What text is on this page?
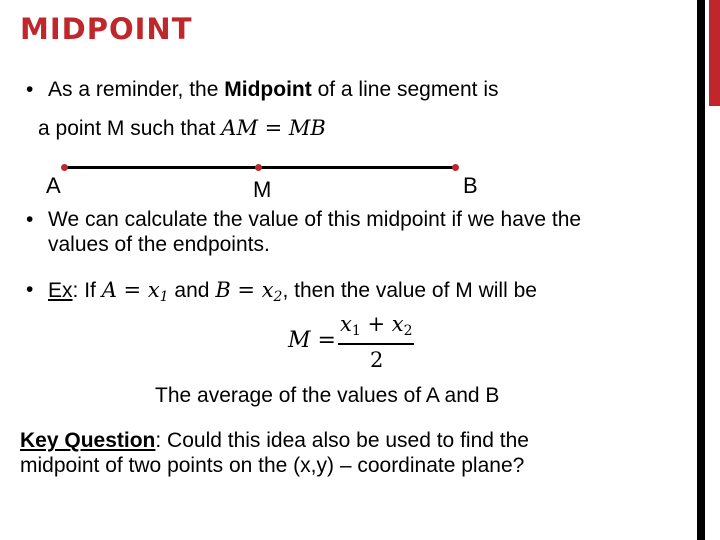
MIDPOINT
• As a reminder, the Midpoint of a line segment is
a point M such that AM = MB
A	M	B
• We can calculate the value of this midpoint if we have the
values of the endpoints.
• Ex: If $A = x_1$ and $B = x_2$, then the value of M will be
M =
$x_1 + x_2$
2
The average of the values of A and B
Key Question: Could this idea also be used to find the
midpoint of two points on the (x,y) – coordinate plane?
